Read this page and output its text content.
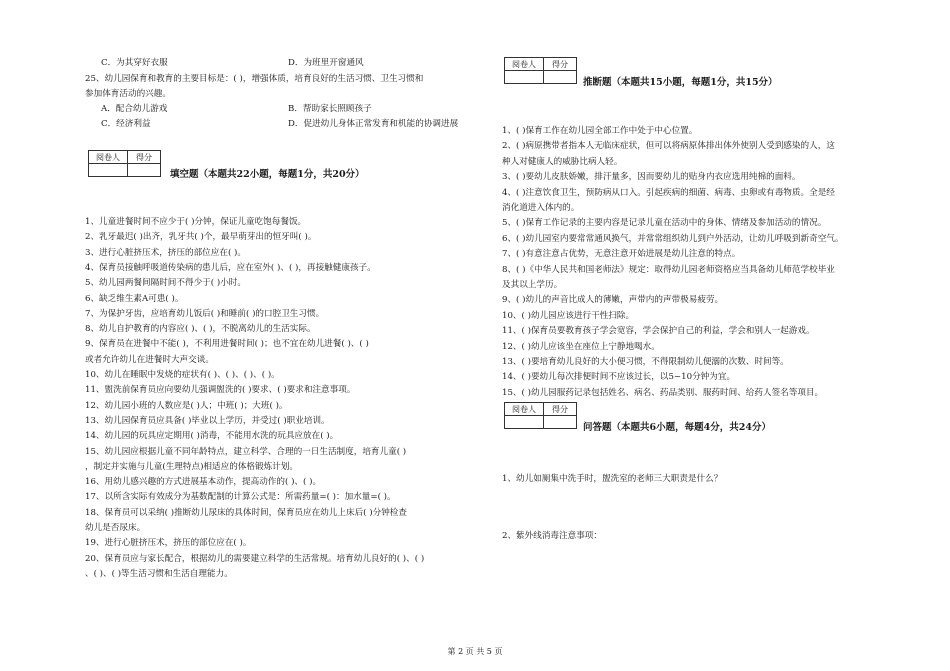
C．为其穿好衣服	D．为班里开窗通风
25、幼儿园保育和教育的主要目标是：( )，增强体质，培育良好的生活习惯、卫生习惯和
参加体育活动的兴趣。
A．配合幼儿游戏	B．帮助家长照顾孩子
C．经济利益	D．促进幼儿身体正常发育和机能的协调进展
阅卷人	得分

填空题（本题共22小题，每题1分，共20分）
1、儿童进餐时间不应少于( )分钟，保证儿童吃饱每餐饭。
2、乳牙最迟( )出齐，乳牙共( )个，最早萌芽出的恒牙叫( )。
3、进行心脏挤压术，挤压的部位应在( )。
4、保育员接触呼吸道传染病的患儿后，应在室外( )、( )，再接触健康孩子。
5、幼儿园两餐间隔时间不得少于( )小时。
6、缺乏维生素A可患( )。
7、为保护牙齿，应培育幼儿饭后( )和睡前( )的口腔卫生习惯。
8、幼儿自护教育的内容应( )、( )，不脱离幼儿的生活实际。
9、保育员在进餐中不能( )，不利用进餐时间( )；也不宜在幼儿进餐( )、( )
或者允许幼儿在进餐时大声交谈。
10、幼儿在睡眠中发烧的症状有( )、( )、( )、( )。
11、盥洗前保育员应向要幼儿强调盥洗的( )要求、( )要求和注意事项。
12、幼儿园小班的人数应是( )人；中班( )；大班( )。
13、幼儿园保育员应具备( )毕业以上学历，并受过( )职业培训。
14、幼儿园的玩具应定期用( )消毒，不能用水洗的玩具应放在( )。
15、幼儿园应根据儿童不同年龄特点，建立科学、合理的一日生活制度，培育儿童( )
，制定并实施与儿童(生理特点)相适应的体格锻炼计划。
16、用幼儿感兴趣的方式进展基本动作，提高动作的( )、( )。
17、以所含实际有效成分为基数配制的计算公式是：所需药量=( )：加水量=( )。
18、保育员可以采纳( )推断幼儿尿床的具体时间，保育员应在幼儿上床后( )分钟检查
幼儿是否尿床。
19、进行心脏挤压术，挤压的部位应在( )。
20、保育员应与家长配合，根据幼儿的需要建立科学的生活常规。培育幼儿良好的( )、( )
、( )、( )等生活习惯和生活自理能力。
阅卷人	得分

推断题（本题共15小题，每题1分，共15分）
1、( )保育工作在幼儿园全部工作中处于中心位置。
2、( )病原携带者指本人无临床症状，但可以将病原体排出体外使别人受到感染的人，这
种人对健康人的威胁比病人轻。
3、( )要幼儿皮肤娇嫩，排汗量多，因而要幼儿的贴身内衣应选用纯棉的面料。
4、( )注意饮食卫生，预防病从口入。引起疾病的细菌、病毒、虫卵或有毒物质。全是经
消化道进入体内的。
5、( )保育工作记录的主要内容是记录儿童在活动中的身体、情绪及参加活动的情况。
6、( )幼儿园室内要常常通风换气，并常常组织幼儿到户外活动，让幼儿呼吸到新奇空气。
7、( )有意注意占优势，无意注意开始进展是幼儿注意的特点。
8、( )《中华人民共和国老师法》规定：取得幼儿园老师资格应当具备幼儿师范学校毕业
及其以上学历。
9、( )幼儿的声音比成人的薄嫩，声带内的声带极易疲劳。
10、( )幼儿园应该进行干性扫除。
11、( )保育员要教育孩子学会宽容，学会保护自己的利益，学会和别人一起游戏。
12、( )幼儿应该坐在座位上宁静地喝水。
13、( )要培育幼儿良好的大小便习惯，不得限制幼儿便溺的次数、时间等。
14、( )要幼儿每次排便时间不应该过长，以5~10分钟为宜。
15、( )幼儿园服药记录包括姓名、病名、药品类别、服药时间、给药人签名等项目。
阅卷人	得分

问答题（本题共6小题，每题4分，共24分）
1、幼儿如厕集中洗手时，盥洗室的老师三大职责是什么？
2、紫外线消毒注意事项：
第 2 页 共 5 页
